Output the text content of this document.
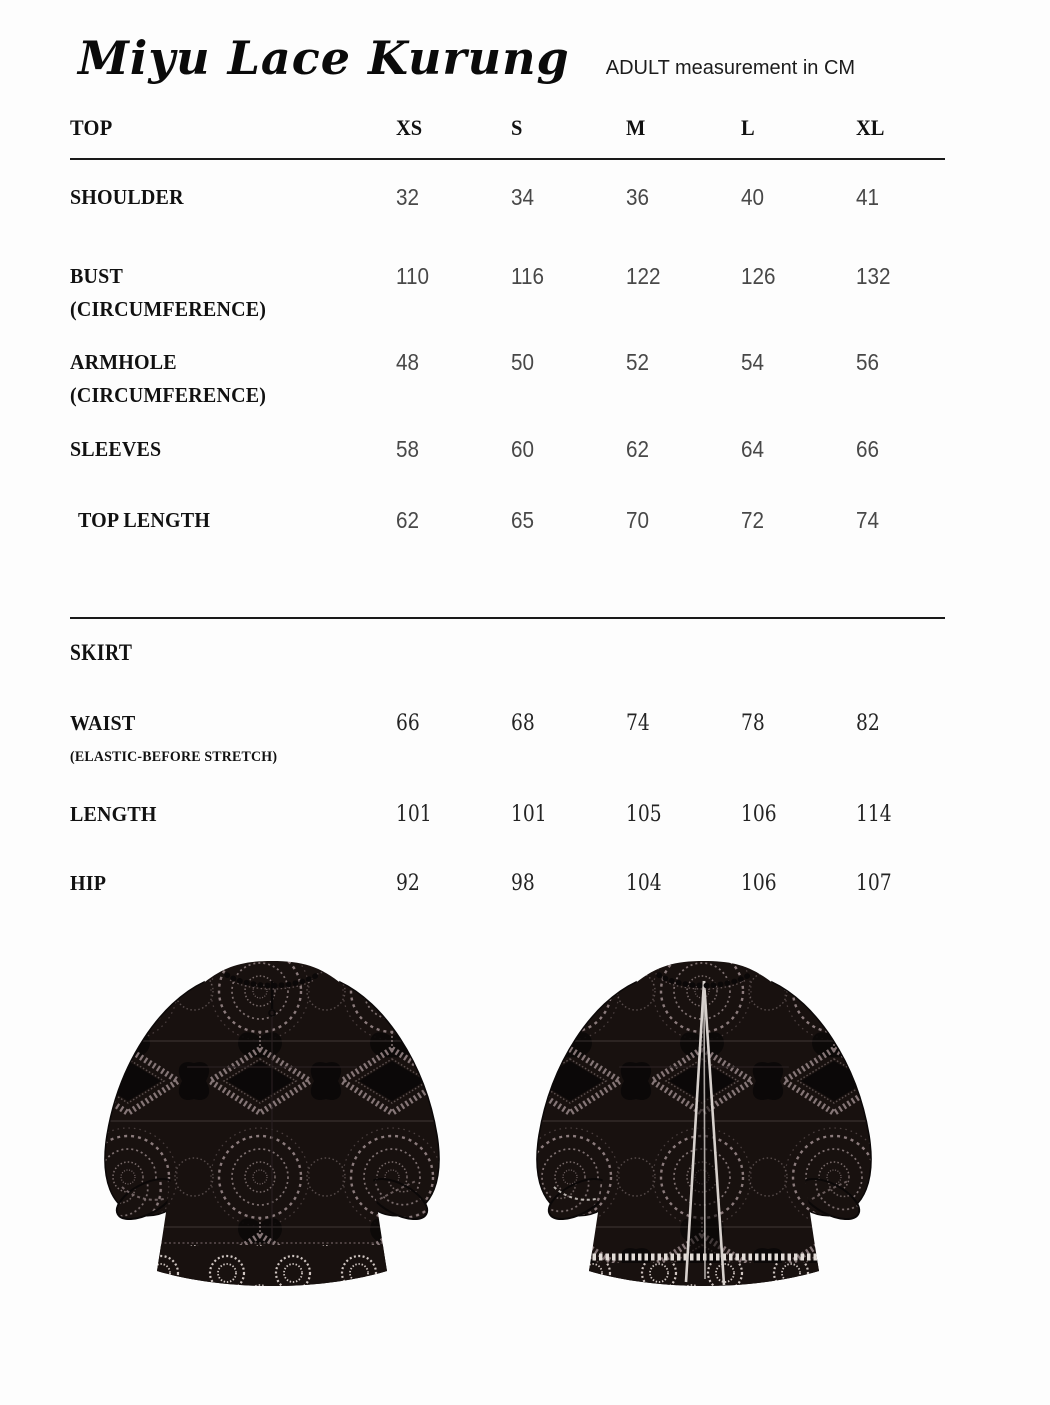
Miyu Lace Kurung ADULT measurement in CM
TOP	XS	S	M	L	XL
SHOULDER	32	34	36	40	41
BUST
(CIRCUMFERENCE)
110	116	122	126	132
ARMHOLE
(CIRCUMFERENCE)
48	50	52	54	56
SLEEVES	58	60	62	64	66
TOP LENGTH	62	65	70	72	74
SKIRT
WAIST
(ELASTIC-BEFORE STRETCH)
66	68	74	78	82
LENGTH	101	101	105	106	114
HIP	92	98	104	106	107
